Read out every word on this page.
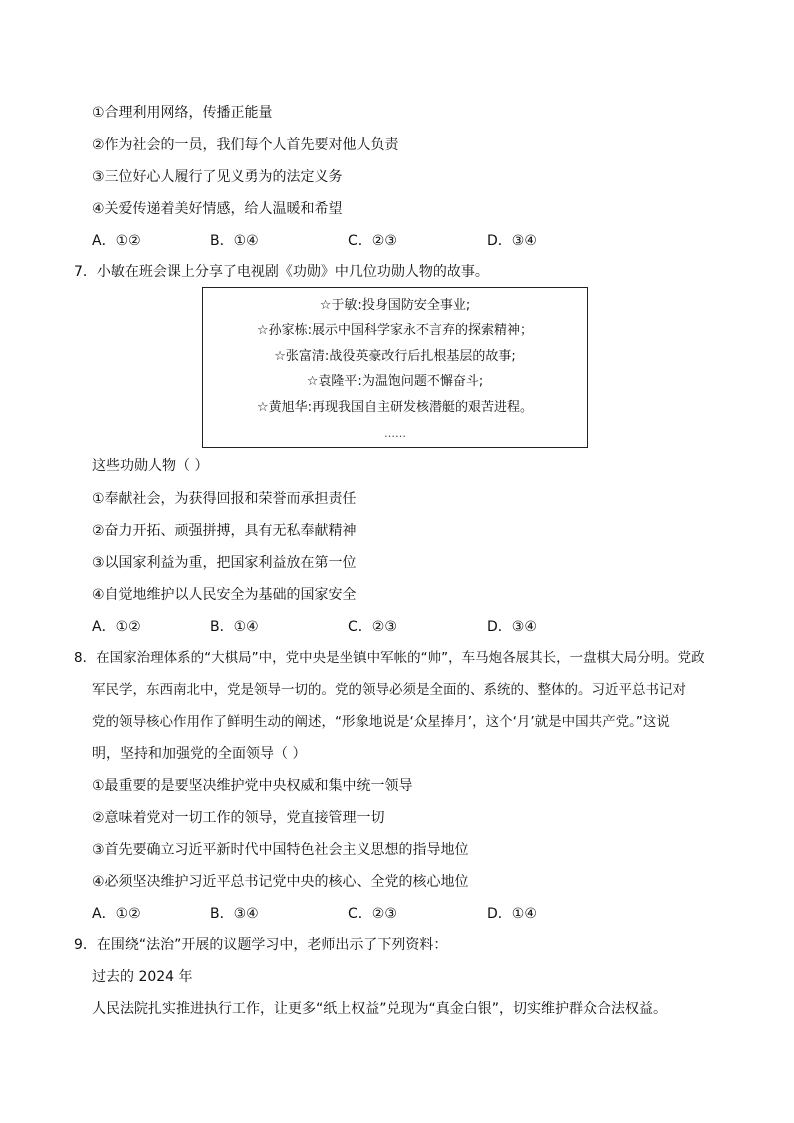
①合理利用网络，传播正能量
②作为社会的一员，我们每个人首先要对他人负责
③三位好心人履行了见义勇为的法定义务
④关爱传递着美好情感，给人温暖和希望
A．①②	B．①④	C．②③	D．③④
7．小敏在班会课上分享了电视剧《功勋》中几位功勋人物的故事。
☆于敏:投身国防安全事业;
☆孙家栋:展示中国科学家永不言弃的探索精神；
☆张富清:战役英豪改行后扎根基层的故事;
☆袁隆平:为温饱问题不懈奋斗;
☆黄旭华:再现我国自主研发核潜艇的艰苦进程。
……
这些功勋人物（ ）
①奉献社会，为获得回报和荣誉而承担责任
②奋力开拓、顽强拼搏，具有无私奉献精神
③以国家利益为重，把国家利益放在第一位
④自觉地维护以人民安全为基础的国家安全
A．①②	B．①④	C．②③	D．③④
8．在国家治理体系的“大棋局”中，党中央是坐镇中军帐的“帅”，车马炮各展其长，一盘棋大局分明。党政
军民学，东西南北中，党是领导一切的。党的领导必须是全面的、系统的、整体的。习近平总书记对
党的领导核心作用作了鲜明生动的阐述，“形象地说是‘众星捧月’，这个‘月’就是中国共产党。”这说
明，坚持和加强党的全面领导（ ）
①最重要的是要坚决维护党中央权威和集中统一领导
②意味着党对一切工作的领导，党直接管理一切
③首先要确立习近平新时代中国特色社会主义思想的指导地位
④必须坚决维护习近平总书记党中央的核心、全党的核心地位
A．①②	B．③④	C．②③	D．①④
9．在围绕“法治”开展的议题学习中，老师出示了下列资料：
过去的 2024 年
人民法院扎实推进执行工作，让更多“纸上权益”兑现为“真金白银”，切实维护群众合法权益。
